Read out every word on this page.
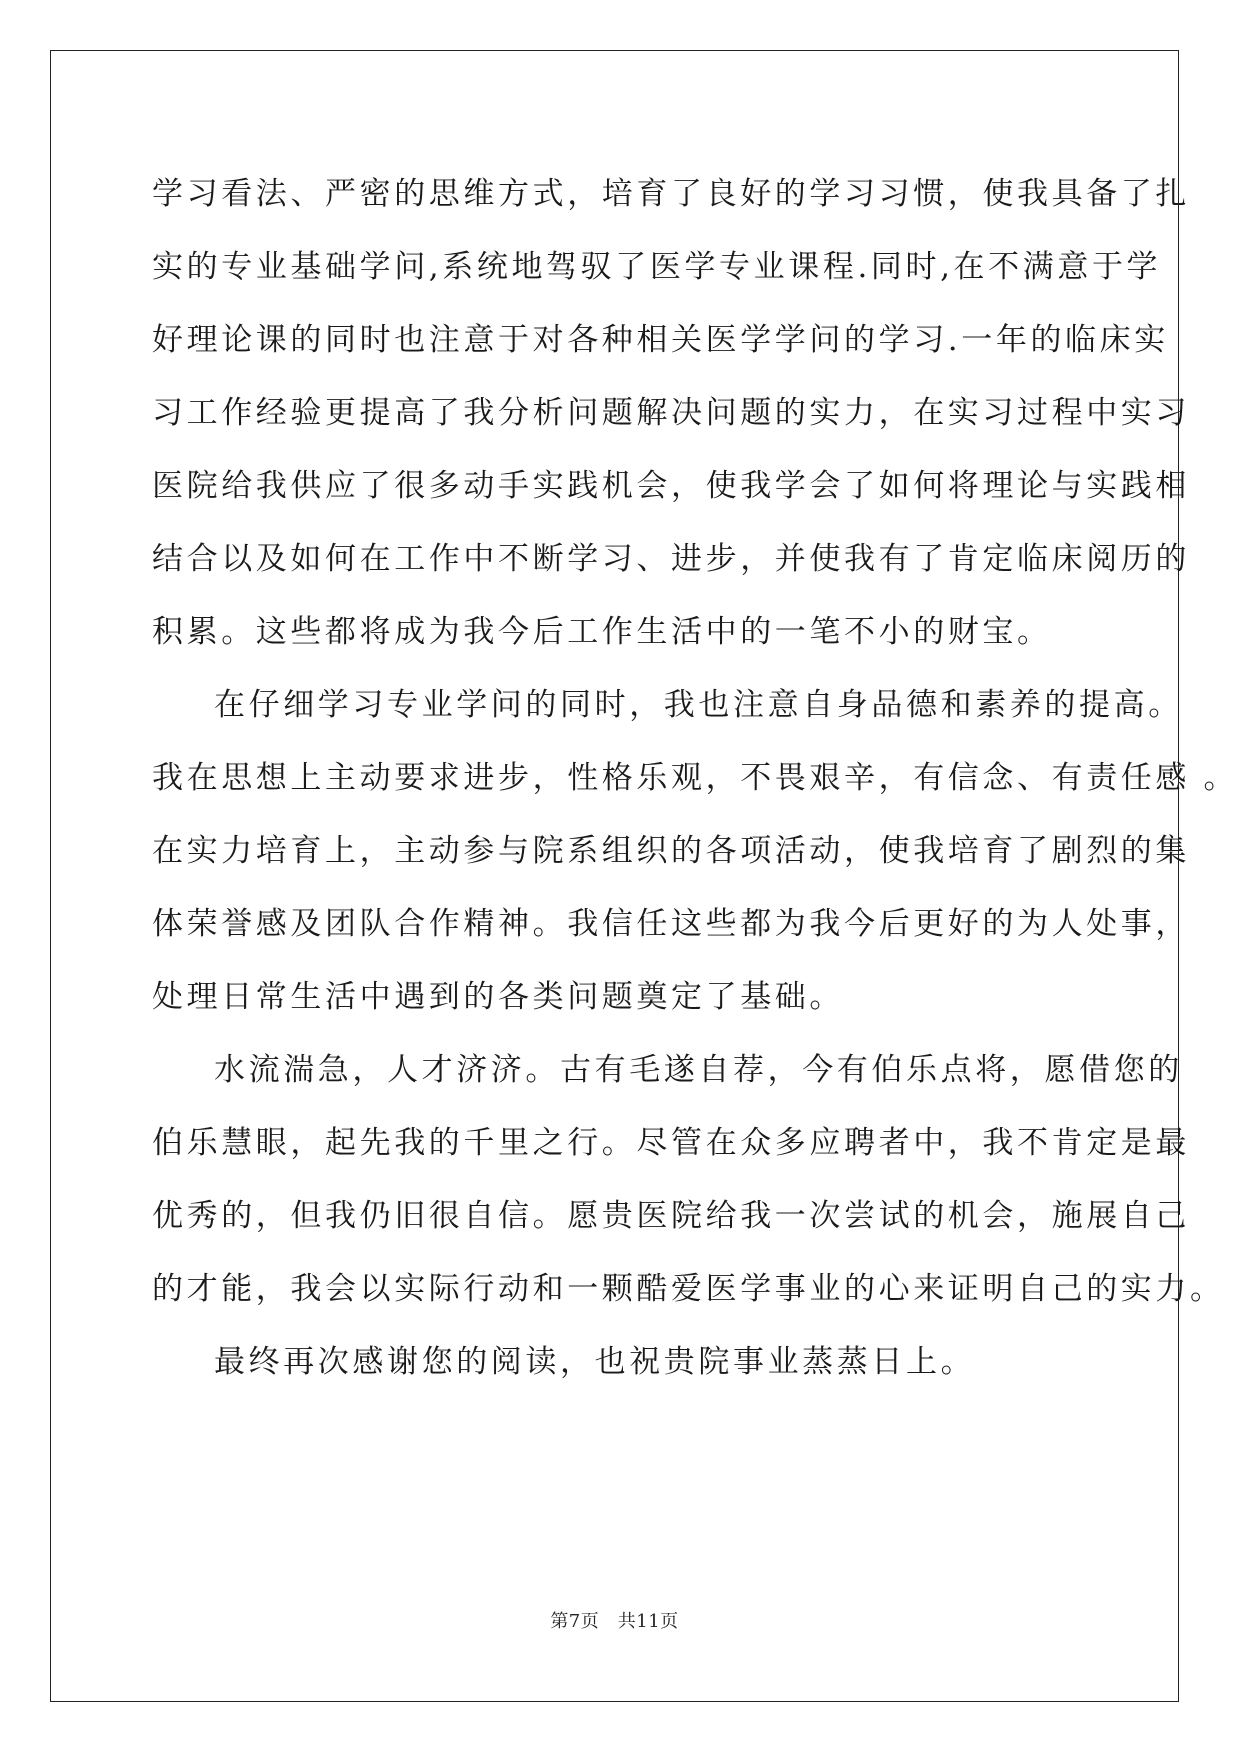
学习看法、严密的思维方式，培育了良好的学习习惯，使我具备了扎
实的专业基础学问,系统地驾驭了医学专业课程.同时,在不满意于学
好理论课的同时也注意于对各种相关医学学问的学习.一年的临床实
习工作经验更提高了我分析问题解决问题的实力，在实习过程中实习
医院给我供应了很多动手实践机会，使我学会了如何将理论与实践相
结合以及如何在工作中不断学习、进步，并使我有了肯定临床阅历的
积累。这些都将成为我今后工作生活中的一笔不小的财宝。
在仔细学习专业学问的同时，我也注意自身品德和素养的提高。
我在思想上主动要求进步，性格乐观，不畏艰辛，有信念、有责任感 。
在实力培育上，主动参与院系组织的各项活动，使我培育了剧烈的集
体荣誉感及团队合作精神。我信任这些都为我今后更好的为人处事，
处理日常生活中遇到的各类问题奠定了基础。
水流湍急，人才济济。古有毛遂自荐，今有伯乐点将，愿借您的
伯乐慧眼，起先我的千里之行。尽管在众多应聘者中，我不肯定是最
优秀的，但我仍旧很自信。愿贵医院给我一次尝试的机会，施展自己
的才能，我会以实际行动和一颗酷爱医学事业的心来证明自己的实力。
最终再次感谢您的阅读，也祝贵院事业蒸蒸日上。
第7页　共11页
